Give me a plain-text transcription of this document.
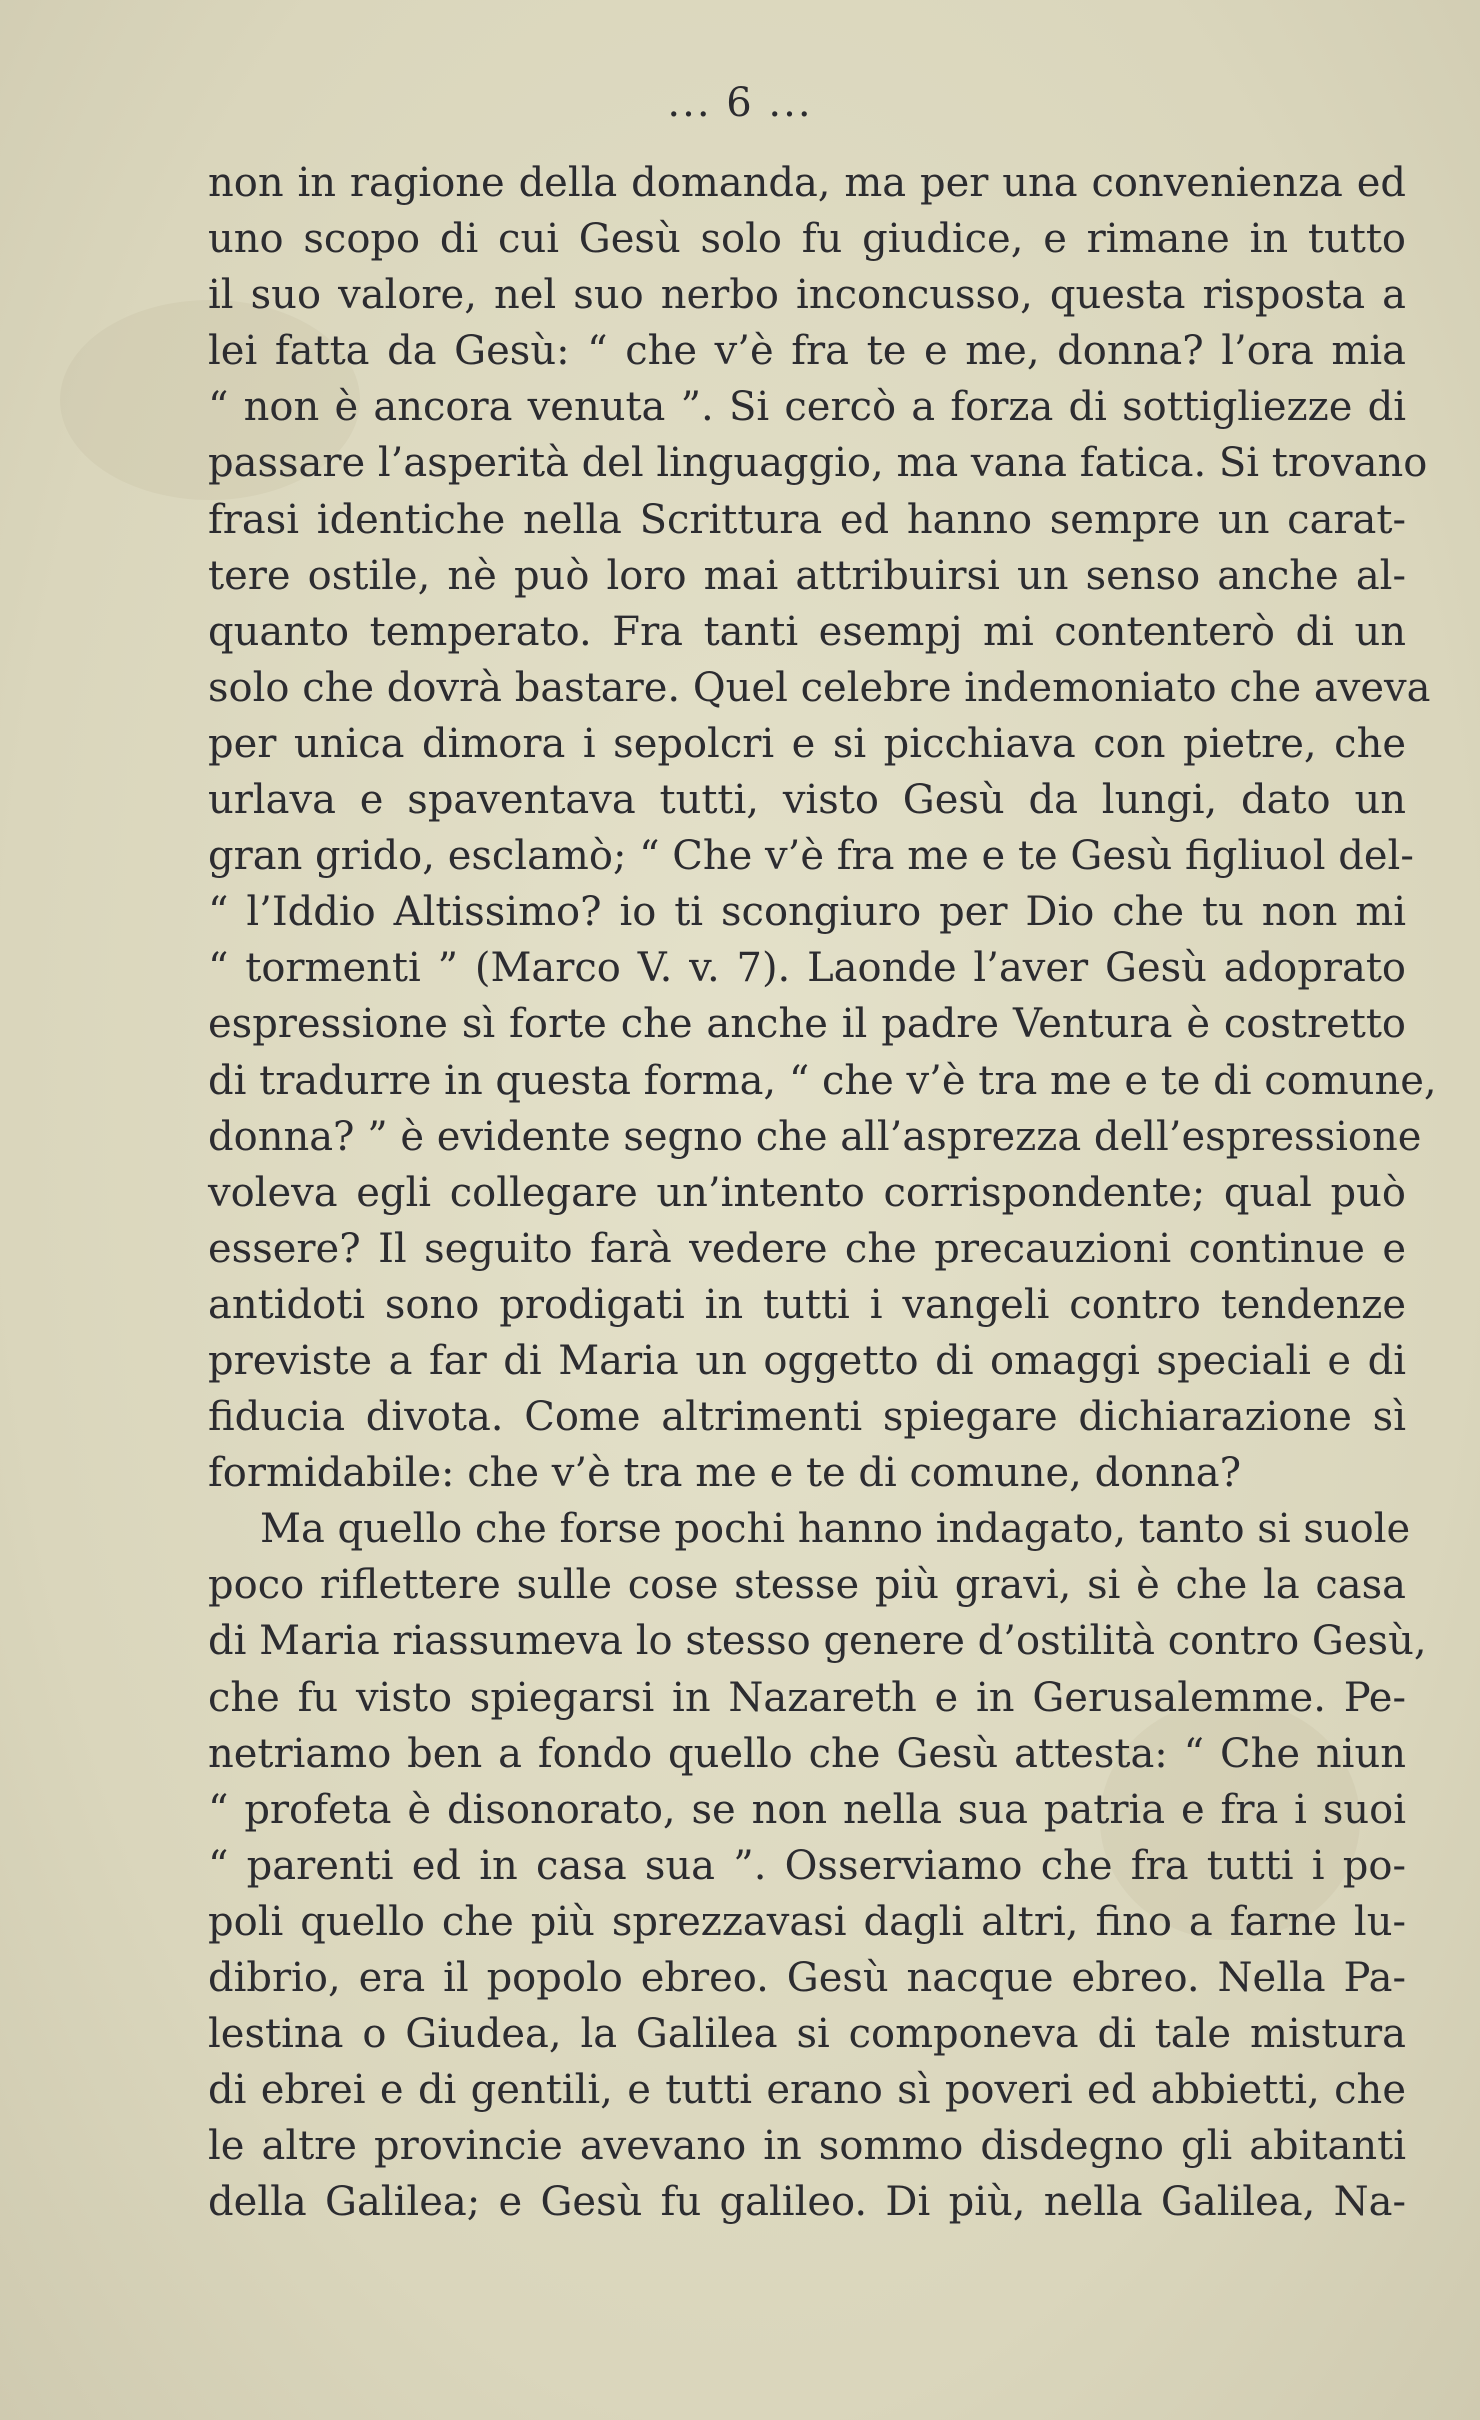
... 6 ...
non in ragione della domanda, ma per una convenienza ed
uno scopo di cui Gesù solo fu giudice, e rimane in tutto
il suo valore, nel suo nerbo inconcusso, questa risposta a
lei fatta da Gesù: “ che v’è fra te e me, donna? l’ora mia
“ non è ancora venuta ”. Si cercò a forza di sottigliezze di
passare l’asperità del linguaggio, ma vana fatica. Si trovano
frasi identiche nella Scrittura ed hanno sempre un carat-
tere ostile, nè può loro mai attribuirsi un senso anche al-
quanto temperato. Fra tanti esempj mi contenterò di un
solo che dovrà bastare. Quel celebre indemoniato che aveva
per unica dimora i sepolcri e si picchiava con pietre, che
urlava e spaventava tutti, visto Gesù da lungi, dato un
gran grido, esclamò; “ Che v’è fra me e te Gesù figliuol del-
“ l’Iddio Altissimo? io ti scongiuro per Dio che tu non mi
“ tormenti ” (Marco V. v. 7). Laonde l’aver Gesù adoprato
espressione sì forte che anche il padre Ventura è costretto
di tradurre in questa forma, “ che v’è tra me e te di comune,
donna? ” è evidente segno che all’asprezza dell’espressione
voleva egli collegare un’intento corrispondente; qual può
essere? Il seguito farà vedere che precauzioni continue e
antidoti sono prodigati in tutti i vangeli contro tendenze
previste a far di Maria un oggetto di omaggi speciali e di
fiducia divota. Come altrimenti spiegare dichiarazione sì
formidabile: che v’è tra me e te di comune, donna?
Ma quello che forse pochi hanno indagato, tanto si suole
poco riflettere sulle cose stesse più gravi, si è che la casa
di Maria riassumeva lo stesso genere d’ostilità contro Gesù,
che fu visto spiegarsi in Nazareth e in Gerusalemme. Pe-
netriamo ben a fondo quello che Gesù attesta: “ Che niun
“ profeta è disonorato, se non nella sua patria e fra i suoi
“ parenti ed in casa sua ”. Osserviamo che fra tutti i po-
poli quello che più sprezzavasi dagli altri, fino a farne lu-
dibrio, era il popolo ebreo. Gesù nacque ebreo. Nella Pa-
lestina o Giudea, la Galilea si componeva di tale mistura
di ebrei e di gentili, e tutti erano sì poveri ed abbietti, che
le altre provincie avevano in sommo disdegno gli abitanti
della Galilea; e Gesù fu galileo. Di più, nella Galilea, Na-
